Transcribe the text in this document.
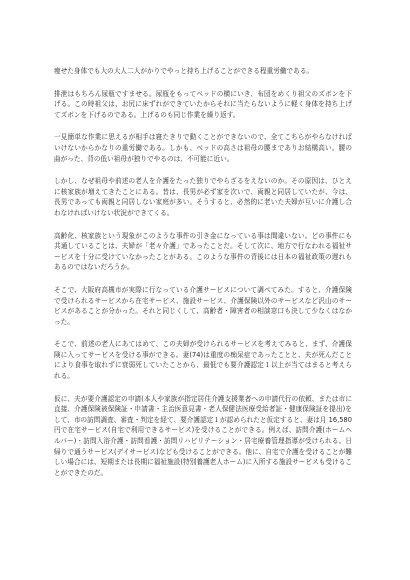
痩せた身体でも大の大人二人がかりでやっと持ち上げることができる程重労働である。

排泄はもちろん尿瓶ですませる。尿瓶をもってベッドの横にいき、布団をめくり祖父のズボンを下げる。この時祖父は、お尻に床ずれができていたからそれに当たらないように軽く身体を持ち上げてズボンを下げるのである。上げるのも同じ作業を繰り返す。

一見簡単な作業に思えるが相手は寝たきりで動くことができないので、全てこちらがやらなければいけないからかなりの重労働である。しかも、ベッドの高さは祖母の腰までありお結構高い。腰の曲がった、背の低い祖母が独りでやるのは、不可能に近い。

しかし、なぜ祖母や前述の老人を介護をたった独りでやらざるをえないのか。その原因は、ひとえに核家族が増えてきたことにある。昔は、長男が必ず家を次いで、両親と同居していたが、今は、長男であっても両親と同居しない家庭が多い。そうすると、必然的に老いた夫婦が互いに介護し合わなければいけない状況ができてくる。

高齢化、核家族という現象がこのような事件の引き金になっている事は間違いない。どの事件にも共通していることは、夫婦が「老々介護」であったことだ。そして次に、地方で行なわれる福祉サービスを十分に受けていなかったことがある。このような事件の背後には日本の福祉政策の遅れもあるのではないだろうか。

そこで、大阪府高槻市が実際に行なっている介護サービスについて調べてみた。すると、介護保険で受けられるサービスから在宅サービス、施設サービス、介護保険以外のサービスなど沢山のサービスがあることが分かった。それと同じくして、高齢者・障害者の相談窓口も決して少なくはなかった。

そこで、前述の老人にあてはめて、この夫婦が受けられるサービスを考えてみると、まず、介護保険に入ってサービスを受ける事ができる。妻(74)は重度の痴呆症であったことと、夫が死んだことにより食事を取れずに衰弱死していたことから、最低でも要介護認定１以上が当てはまると考えられる。

仮に、夫が要介護認定の申請(本人や家族が指定居住介護支援業者への申請代行の依頼、または市に直接、介護保険被保険証・申請書・主治医意見書・老人保健法医療受給者証・健康保険証を提出)をして、市の訪問調査、審査・判定を経て、要介護認定１が認められたと仮定すると、妻は月 16,580 円で在宅サービス(自宅で利用できるサービス)を受けることができる。例えば、訪問介護(ホームヘルパー)・訪問入浴介護・訪問看護・訪問リハビリテーション・居宅療養管理指導が受けられる。日帰りで通うサービス(デイサービス)なども受けることができる。他に、自宅で介護を受けることが難しい場合には、短期または長期に福祉施設(特別養護老人ホーム)に入所する施設サービスも受けることができたのだ。
